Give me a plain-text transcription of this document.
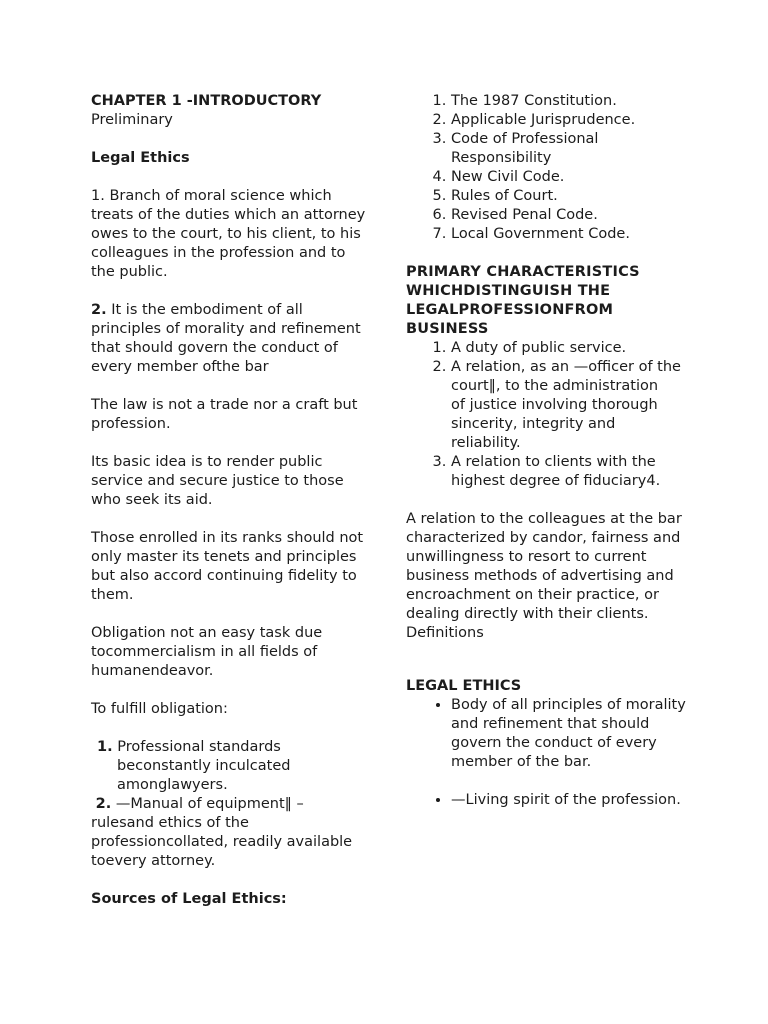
CHAPTER 1 -INTRODUCTORY

Preliminary

Legal Ethics

1. Branch of moral science which treats of the duties which an attorney owes to the court, to his client, to his colleagues in the profession and to the public.

2. It is the embodiment of all principles of morality and refinement that should govern the conduct of every member ofthe bar

The law is not a trade nor a craft but profession.

Its basic idea is to render public service and secure justice to those who seek its aid.

Those enrolled in its ranks should not only master its tenets and principles but also accord continuing fidelity to them.

Obligation not an easy task due tocommercialism in all fields of humanendeavor.

To fulfill obligation:

1. Professional standards beconstantly inculcated amonglawyers.

2. —Manual of equipment‖ – rulesand ethics of the professioncollated, readily available toevery attorney.

Sources of Legal Ethics:

1. The 1987 Constitution.
2. Applicable Jurisprudence.
3. Code of Professional Responsibility
4. New Civil Code.
5. Rules of Court.
6. Revised Penal Code.
7. Local Government Code.

PRIMARY CHARACTERISTICS WHICHDISTINGUISH THE LEGALPROFESSIONFROM BUSINESS

1. A duty of public service.
2. A relation, as an —officer of the court‖, to the administration
of justice involving thorough sincerity, integrity and reliability.
3. A relation to clients with the highest degree of fiduciary4.

A relation to the colleagues at the bar characterized by candor, fairness and unwillingness to resort to current business methods of advertising and encroachment on their practice, or dealing directly with their clients.

Definitions

LEGAL ETHICS

• Body of all principles of morality and refinement that should govern the conduct of every member of the bar.
• —Living spirit of the profession.
